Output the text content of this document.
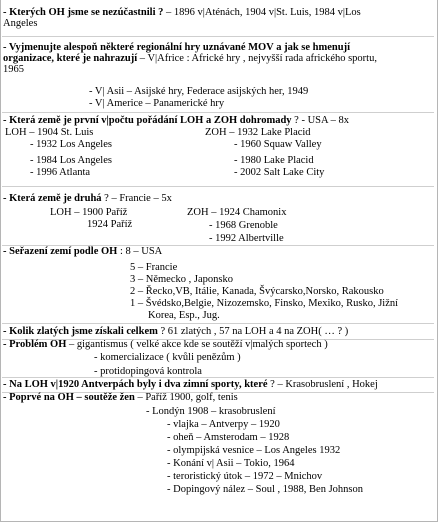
- Kterých OH jsme se nezúčastnili ? – 1896 v|Aténách, 1904 v|St. Luis, 1984 v|Los
Angeles
- Vyjmenujte alespoň některé regionální hry uznávané MOV a jak se hmenují
organizace, které je nahrazují – V|Africe : Africké hry , nejvyšší rada afrického sportu,
1965
- V| Asii – Asijské hry, Federace asijských her, 1949
- V| Americe – Panamerické hry
- Která země je první v|počtu pořádání LOH a ZOH dohromady ? - USA – 8x
LOH – 1904 St. Luis	ZOH – 1932 Lake Placid
- 1932 Los Angeles
- 1984 Los Angeles
- 1996 Atlanta
- 1960 Squaw Valley
- 1980 Lake Placid
- 2002 Salt Lake City
- Která země je druhá ? – Francie – 5x
LOH – 1900 Paříž
1924 Paříž
ZOH – 1924 Chamonix
- 1968 Grenoble
- 1992 Albertville
- Seřazení zemí podle OH : 8 – USA
5 – Francie
3 – Německo , Japonsko
2 – Řecko,VB, Itálie, Kanada, Švýcarsko,Norsko, Rakousko
1 – Švédsko,Belgie, Nizozemsko, Finsko, Mexiko, Rusko, Jižní
Korea, Esp., Jug.
- Kolik zlatých jsme získali celkem ? 61 zlatých , 57 na LOH a 4 na ZOH( … ? )
- Problém OH – gigantismus ( velké akce kde se soutěží v|malých sportech )
- komercializace ( kvůli penězům )
- protidopingová kontrola
- Na LOH v|1920 Antverpách byly i dva zimní sporty, které ? – Krasobruslení , Hokej
- Poprvé na OH – soutěže žen – Paříž 1900, golf, tenis
- Londýn 1908 – krasobruslení
- vlajka – Antverpy – 1920
- oheň – Amsterodam – 1928
- olympijská vesnice – Los Angeles 1932
- Konání v| Asii – Tokio, 1964
- teroristický útok – 1972 – Mnichov
- Dopingový nález – Soul , 1988, Ben Johnson
